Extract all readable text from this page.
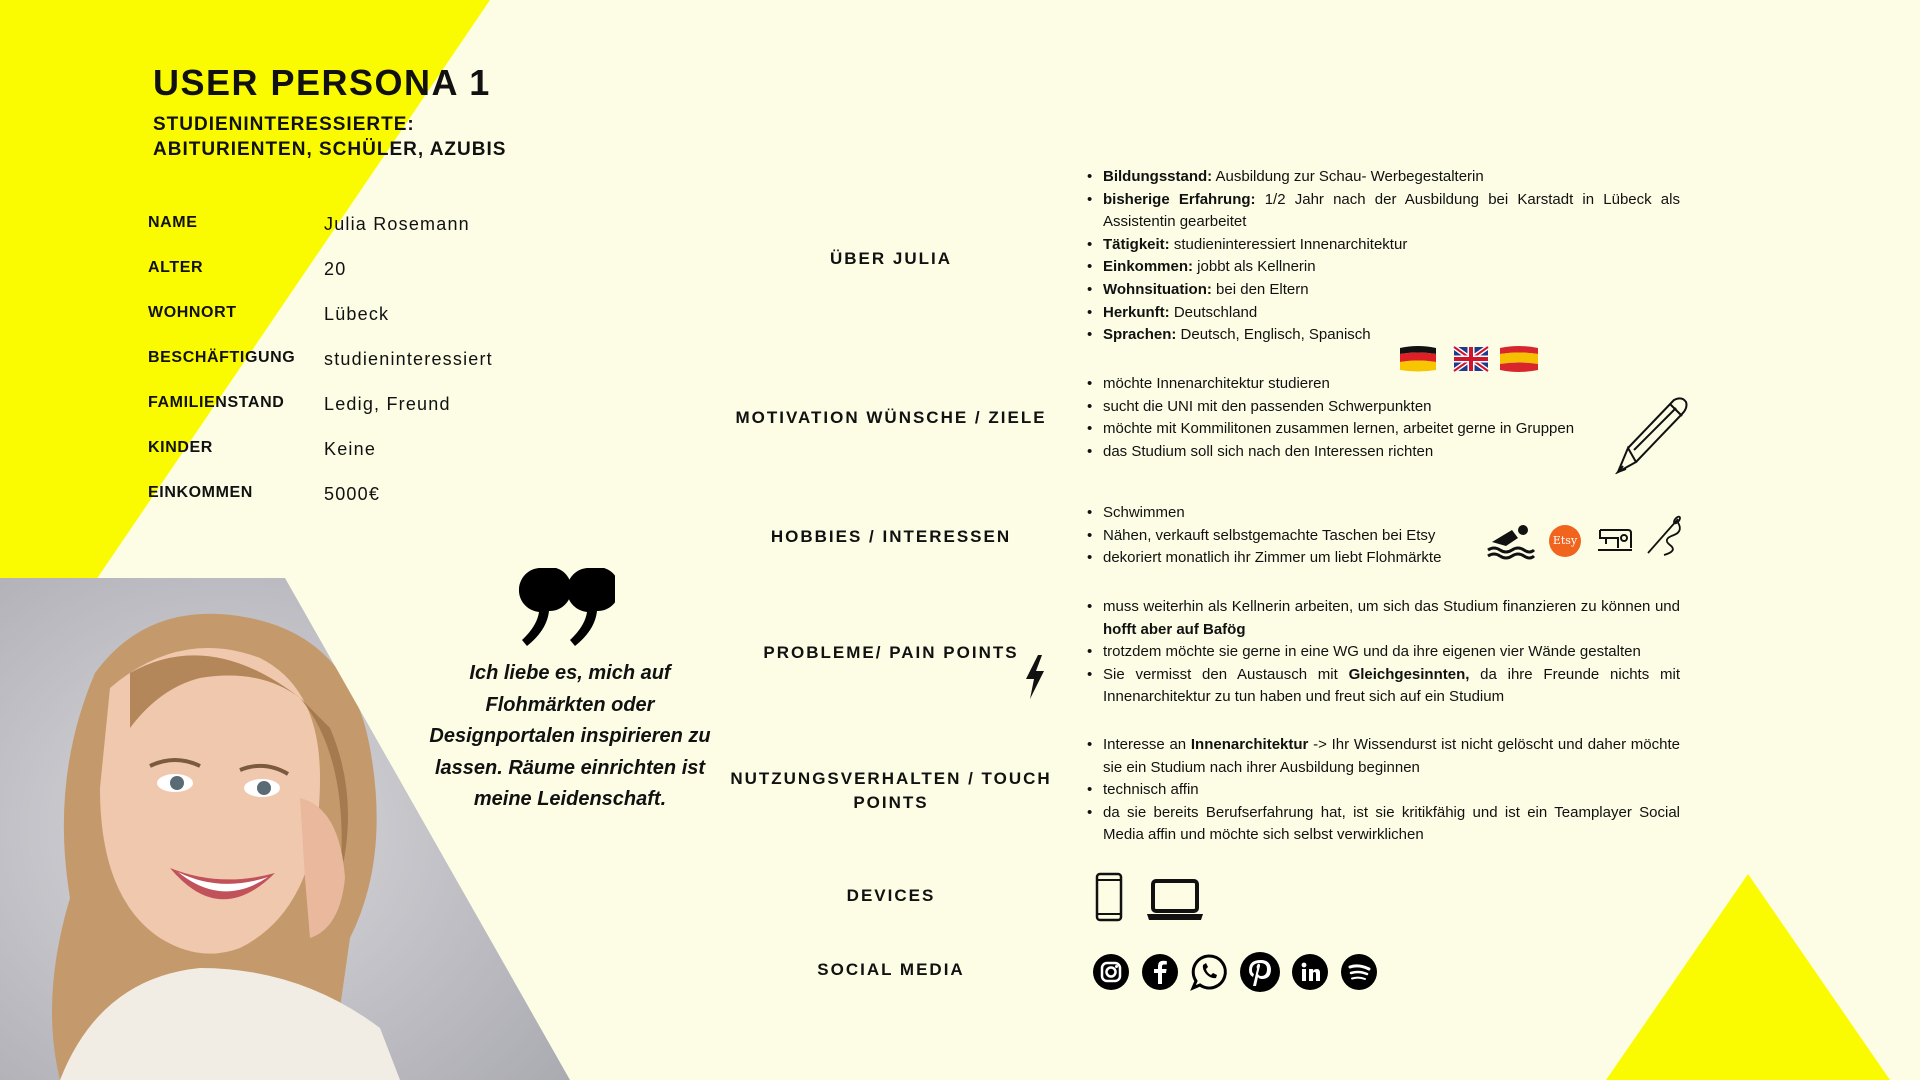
USER PERSONA 1
STUDIENINTERESSIERTE:
ABITURIENTEN, SCHÜLER, AZUBIS
NAME	Julia Rosemann
ALTER	20
WOHNORT	Lübeck
BESCHÄFTIGUNG studieninteressiert
FAMILIENSTAND Ledig, Freund
KINDER	Keine
EINKOMMEN	5000€
Ich liebe es, mich auf
Flohmärkten oder
Designportalen inspirieren zu
lassen. Räume einrichten ist
meine Leidenschaft.
ÜBER JULIA
MOTIVATION WÜNSCHE / ZIELE
HOBBIES / INTERESSEN
PROBLEME/ PAIN POINTS
NUTZUNGSVERHALTEN / TOUCH
POINTS
DEVICES
SOCIAL MEDIA
• Bildungsstand: Ausbildung zur Schau- Werbegestalterin
• bisherige Erfahrung: 1/2 Jahr nach der Ausbildung bei Karstadt in Lübeck als Assistentin gearbeitet
• Tätigkeit: studieninteressiert Innenarchitektur
• Einkommen: jobbt als Kellnerin
• Wohnsituation: bei den Eltern
• Herkunft: Deutschland
• Sprachen: Deutsch, Englisch, Spanisch
• möchte Innenarchitektur studieren
• sucht die UNI mit den passenden Schwerpunkten
• möchte mit Kommilitonen zusammen lernen, arbeitet gerne in Gruppen
• das Studium soll sich nach den Interessen richten
• Schwimmen
• Nähen, verkauft selbstgemachte Taschen bei Etsy
• dekoriert monatlich ihr Zimmer um liebt Flohmärkte
Etsy
• muss weiterhin als Kellnerin arbeiten, um sich das Studium finanzieren zu können und hofft aber auf Bafög
• trotzdem möchte sie gerne in eine WG und da ihre eigenen vier Wände gestalten
• Sie vermisst den Austausch mit Gleichgesinnten, da ihre Freunde nichts mit Innenarchitektur zu tun haben und freut sich auf ein Studium
• Interesse an Innenarchitektur -> Ihr Wissendurst ist nicht gelöscht und daher möchte sie ein Studium nach ihrer Ausbildung beginnen
• technisch affin
• da sie bereits Berufserfahrung hat, ist sie kritikfähig und ist ein Teamplayer Social Media affin und möchte sich selbst verwirklichen
